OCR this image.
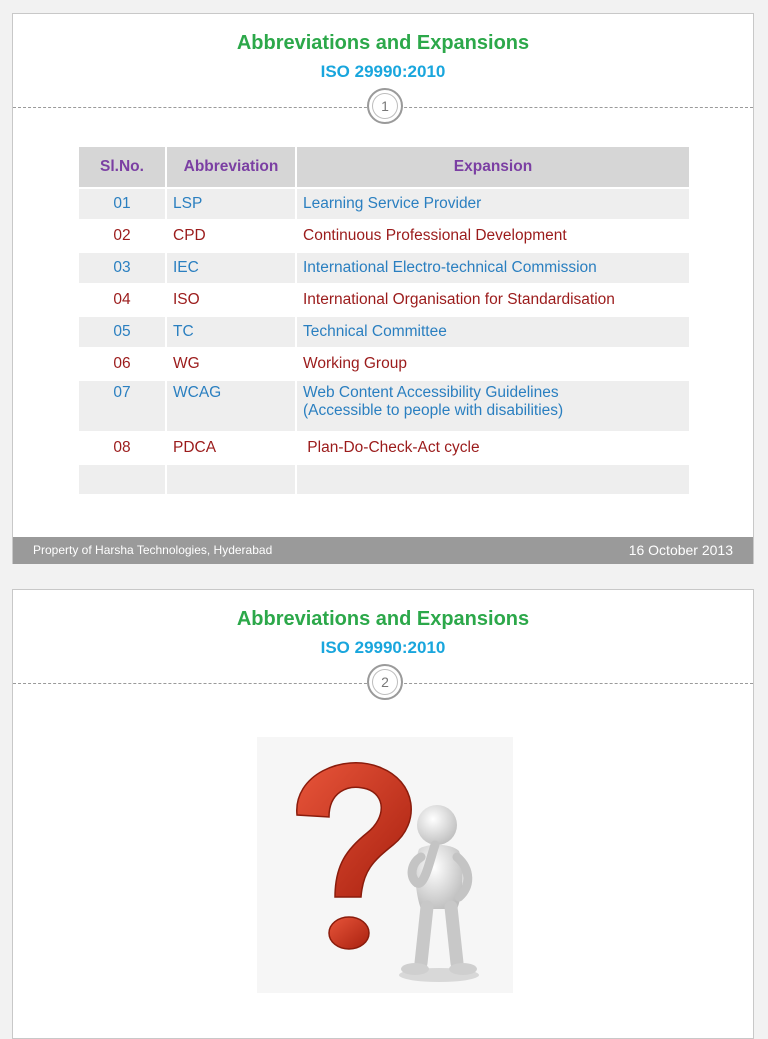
Abbreviations and Expansions
ISO 29990:2010
1
Sl.No.	Abbreviation	Expansion
01	LSP	Learning Service Provider
02	CPD	Continuous Professional Development
03	IEC	International Electro-technical Commission
04	ISO	International Organisation for Standardisation
05	TC	Technical Committee
06	WG	Working Group
07	WCAG	Web Content Accessibility Guidelines
(Accessible to people with disabilities)

08	PDCA	Plan-Do-Check-Act cycle

Property of Harsha Technologies, Hyderabad	16 October 2013
Abbreviations and Expansions
ISO 29990:2010
2
